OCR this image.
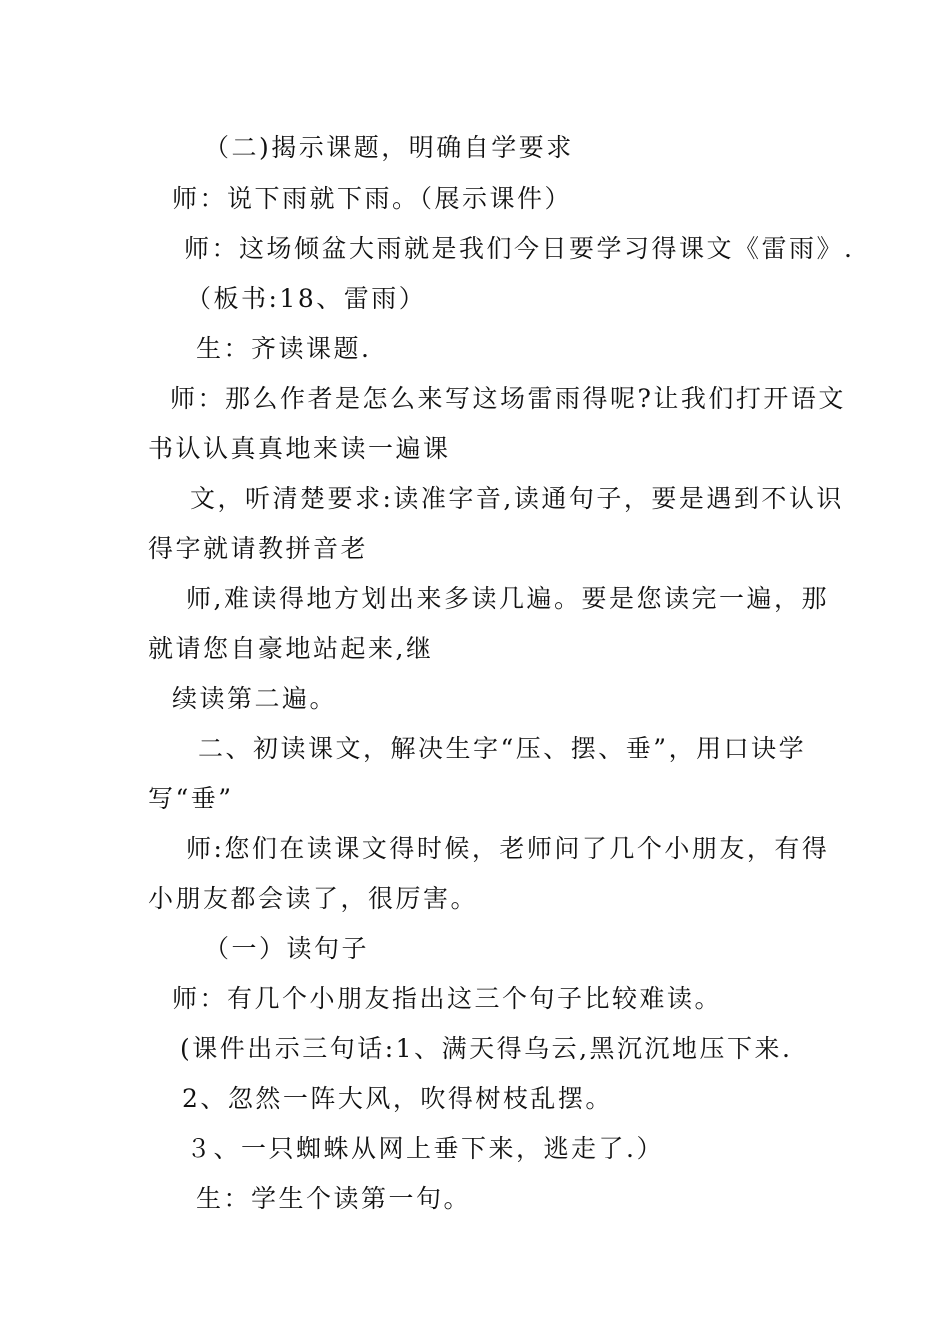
（二)揭示课题，明确自学要求
师：说下雨就下雨。（展示课件）
师：这场倾盆大雨就是我们今日要学习得课文《雷雨》.
（板书:18、雷雨）
生：齐读课题.
师：那么作者是怎么来写这场雷雨得呢?让我们打开语文
书认认真真地来读一遍课
文，听清楚要求:读准字音,读通句子，要是遇到不认识
得字就请教拼音老
师,难读得地方划出来多读几遍。要是您读完一遍，那
就请您自豪地站起来,继
续读第二遍。
二、初读课文，解决生字“压、摆、垂”，用口诀学
写“垂”
师:您们在读课文得时候，老师问了几个小朋友，有得
小朋友都会读了，很厉害。
（一）读句子
师：有几个小朋友指出这三个句子比较难读。
(课件出示三句话:1、满天得乌云,黑沉沉地压下来.
2、忽然一阵大风，吹得树枝乱摆。
３、一只蜘蛛从网上垂下来，逃走了.）
生：学生个读第一句。
